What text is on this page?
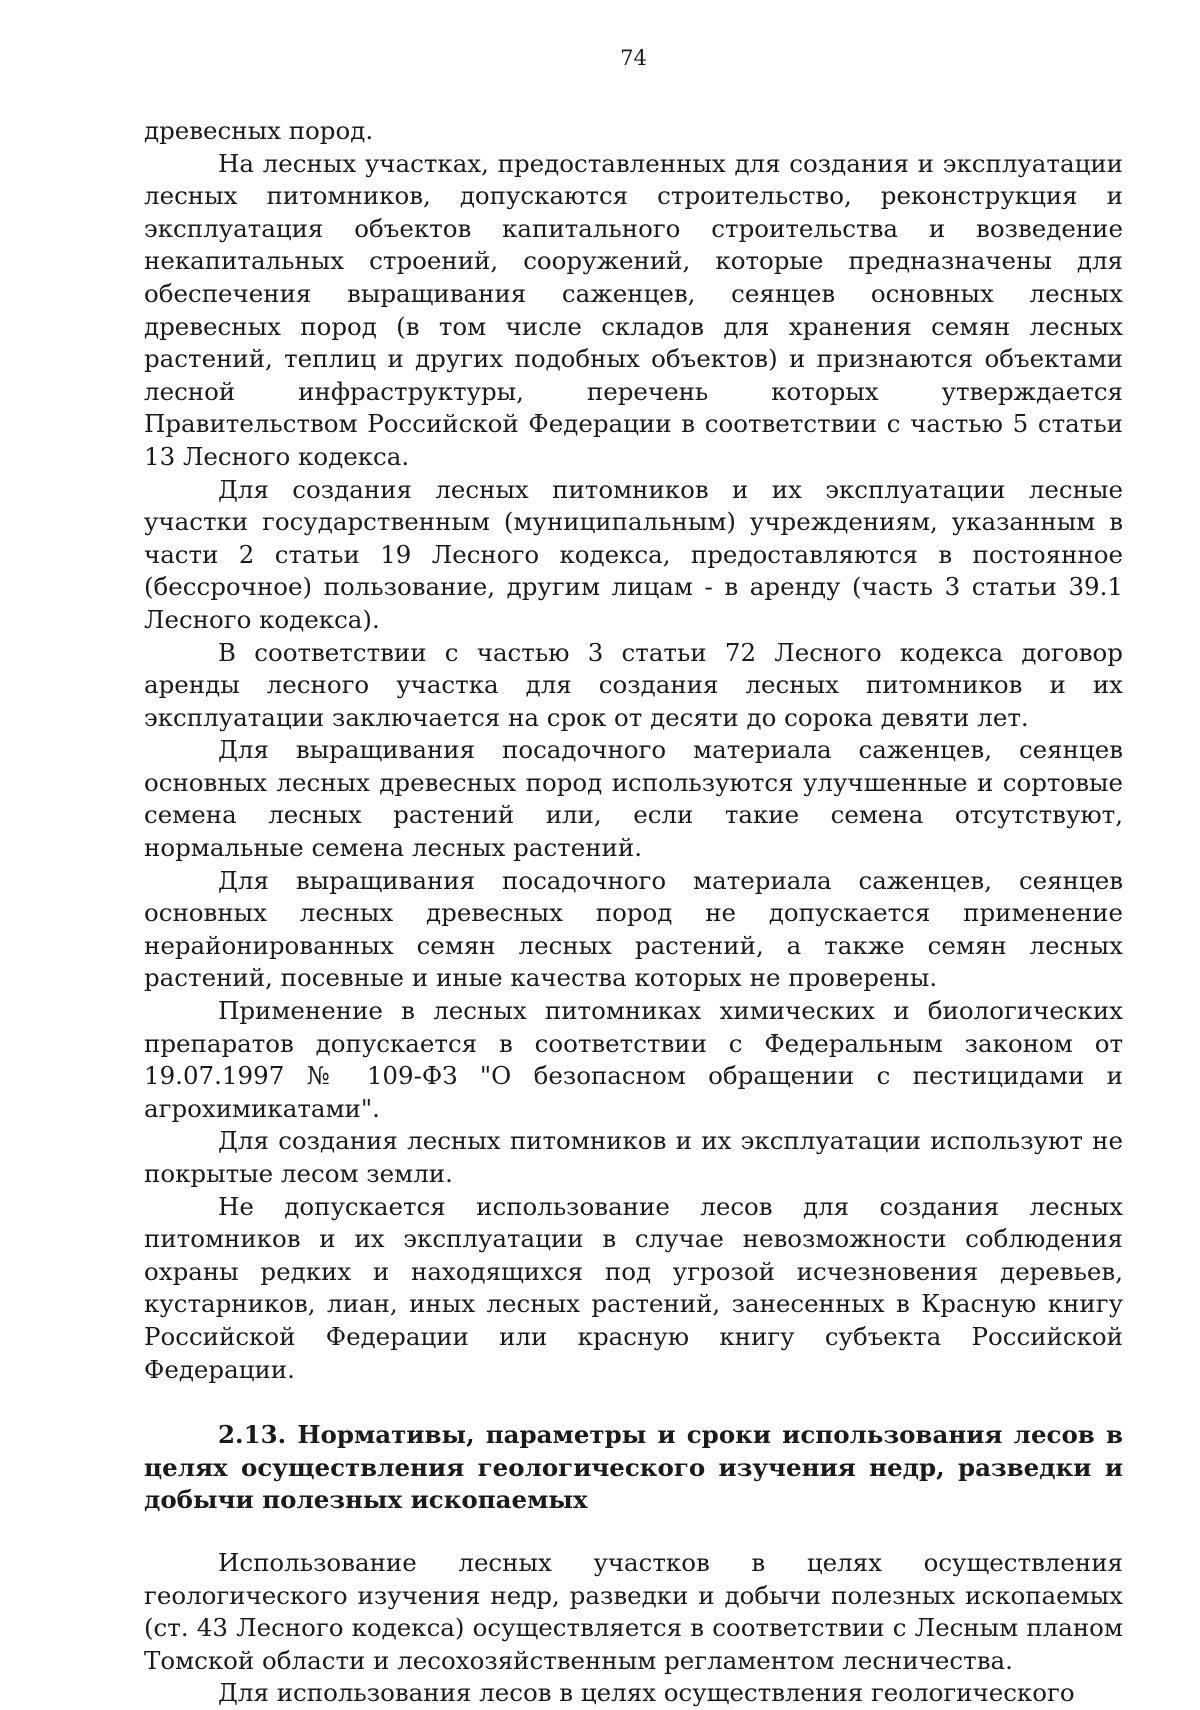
74

древесных пород.

На лесных участках, предоставленных для создания и эксплуатации лесных питомников, допускаются строительство, реконструкция и эксплуатация объектов капитального строительства и возведение некапитальных строений, сооружений, которые предназначены для обеспечения выращивания саженцев, сеянцев основных лесных древесных пород (в том числе складов для хранения семян лесных растений, теплиц и других подобных объектов) и признаются объектами лесной инфраструктуры, перечень которых утверждается Правительством Российской Федерации в соответствии с частью 5 статьи 13 Лесного кодекса.

Для создания лесных питомников и их эксплуатации лесные участки государственным (муниципальным) учреждениям, указанным в части 2 статьи 19 Лесного кодекса, предоставляются в постоянное (бессрочное) пользование, другим лицам - в аренду (часть 3 статьи 39.1 Лесного кодекса).

В соответствии с частью 3 статьи 72 Лесного кодекса договор аренды лесного участка для создания лесных питомников и их эксплуатации заключается на срок от десяти до сорока девяти лет.

Для выращивания посадочного материала саженцев, сеянцев основных лесных древесных пород используются улучшенные и сортовые семена лесных растений или, если такие семена отсутствуют, нормальные семена лесных растений.

Для выращивания посадочного материала саженцев, сеянцев основных лесных древесных пород не допускается применение нерайонированных семян лесных растений, а также семян лесных растений, посевные и иные качества которых не проверены.

Применение в лесных питомниках химических и биологических препаратов допускается в соответствии с Федеральным законом от 19.07.1997 № 109-ФЗ "О безопасном обращении с пестицидами и агрохимикатами".

Для создания лесных питомников и их эксплуатации используют не покрытые лесом земли.

Не допускается использование лесов для создания лесных питомников и их эксплуатации в случае невозможности соблюдения охраны редких и находящихся под угрозой исчезновения деревьев, кустарников, лиан, иных лесных растений, занесенных в Красную книгу Российской Федерации или красную книгу субъекта Российской Федерации.

2.13. Нормативы, параметры и сроки использования лесов в целях осуществления геологического изучения недр, разведки и добычи полезных ископаемых

Использование лесных участков в целях осуществления геологического изучения недр, разведки и добычи полезных ископаемых (ст. 43 Лесного кодекса) осуществляется в соответствии с Лесным планом Томской области и лесохозяйственным регламентом лесничества.

Для использования лесов в целях осуществления геологического
